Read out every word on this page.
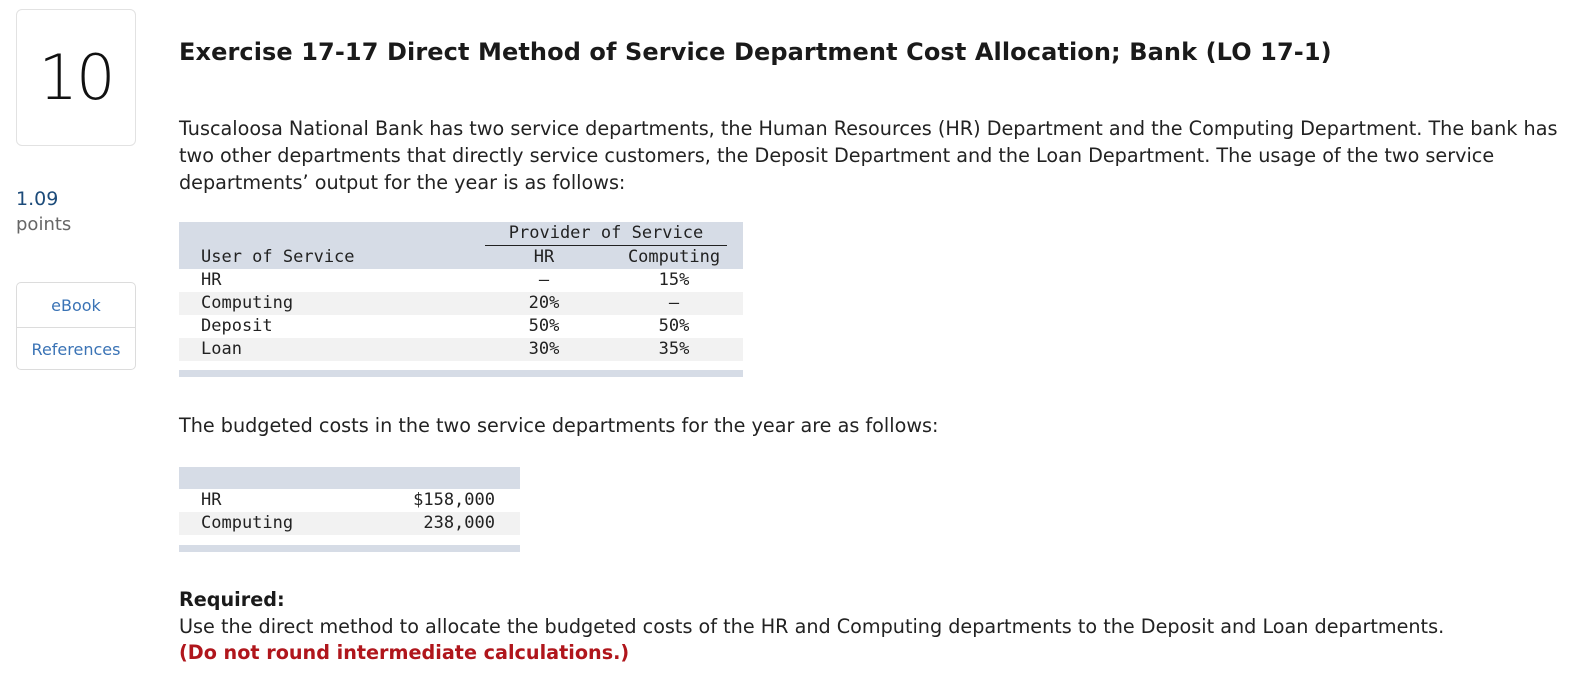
10
1.09
points
eBook
References
Exercise 17-17 Direct Method of Service Department Cost Allocation; Bank (LO 17-1)
Tuscaloosa National Bank has two service departments, the Human Resources (HR) Department and the Computing Department. The bank has two other departments that directly service customers, the Deposit Department and the Loan Department. The usage of the two service departments’ output for the year is as follows:
Provider of Service
User of Service	HR	Computing
HR	—	15%
Computing	20%	—
Deposit	50%	50%
Loan	30%	35%
The budgeted costs in the two service departments for the year are as follows:
HR	$158,000
Computing	238,000
Required:
Use the direct method to allocate the budgeted costs of the HR and Computing departments to the Deposit and Loan departments.
(Do not round intermediate calculations.)
